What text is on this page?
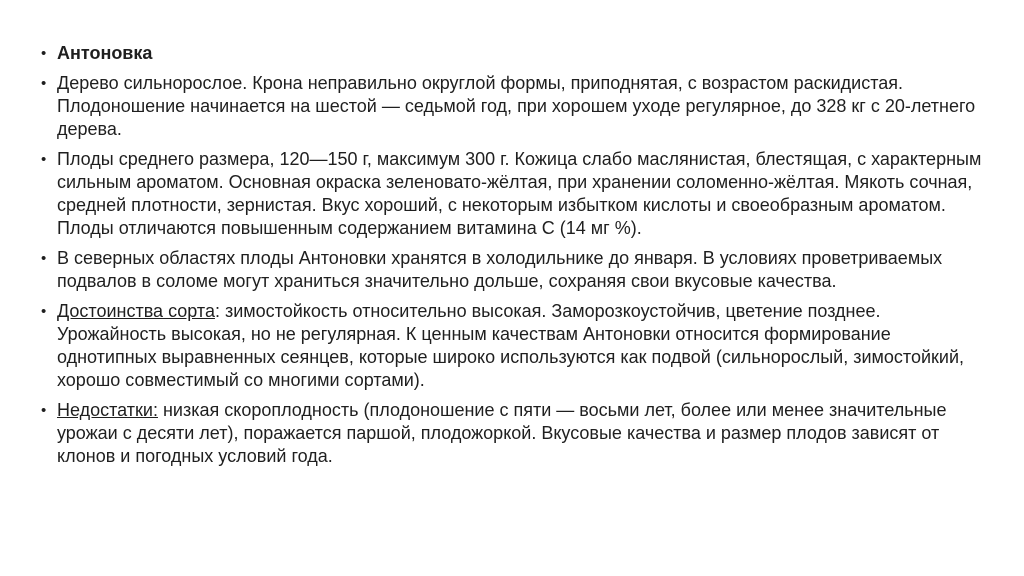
• Антоновка
• Дерево сильнорослое. Крона неправильно округлой формы, приподнятая, с возрастом раскидистая. Плодоношение начинается на шестой — седьмой год, при хорошем уходе регулярное, до 328 кг с 20-летнего дерева.
• Плоды среднего размера, 120—150 г, максимум 300 г. Кожица слабо маслянистая, блестящая, с характерным сильным ароматом. Основная окраска зеленовато-жёлтая, при хранении соломенно-жёлтая. Мякоть сочная, средней плотности, зернистая. Вкус хороший, с некоторым избытком кислоты и своеобразным ароматом. Плоды отличаются повышенным содержанием витамина С (14 мг %).
• В северных областях плоды Антоновки хранятся в холодильнике до января. В условиях проветриваемых подвалов в соломе могут храниться значительно дольше, сохраняя свои вкусовые качества.
• Достоинства сорта: зимостойкость относительно высокая. Заморозкоустойчив, цветение позднее. Урожайность высокая, но не регулярная. К ценным качествам Антоновки относится формирование однотипных выравненных сеянцев, которые широко используются как подвой (сильнорослый, зимостойкий, хорошо совместимый со многими сортами).
• Недостатки: низкая скороплодность (плодоношение с пяти — восьми лет, более или менее значительные урожаи с десяти лет), поражается паршой, плодожоркой. Вкусовые качества и размер плодов зависят от клонов и погодных условий года.
